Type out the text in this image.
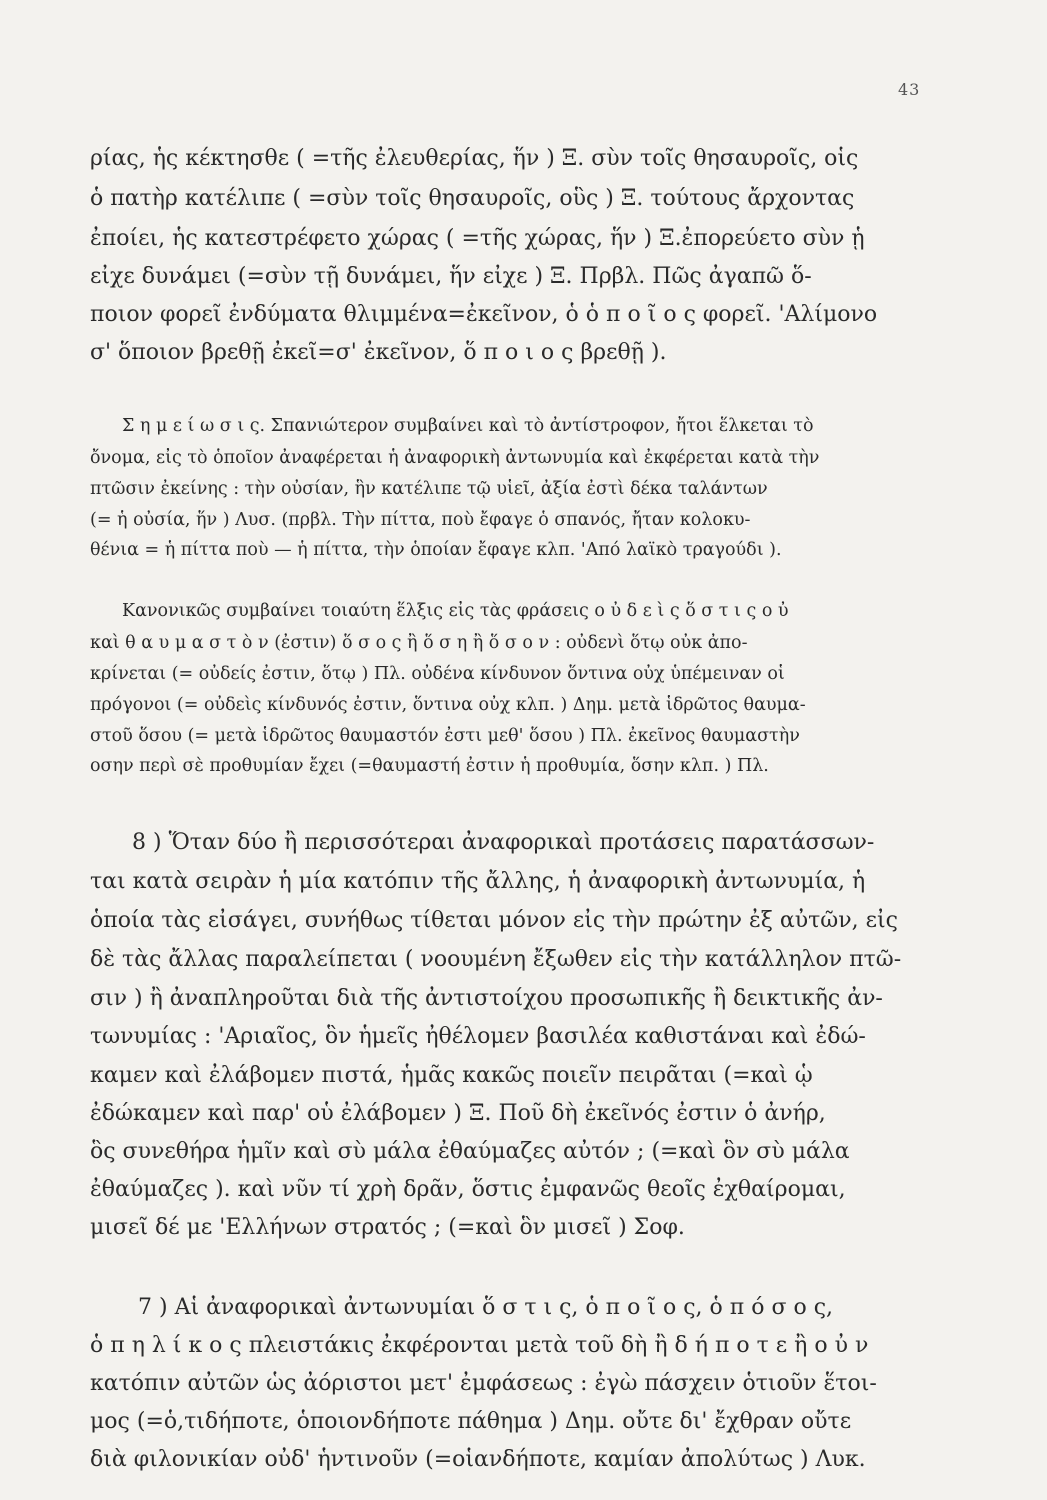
43
ρίας, ἧς κέκτησθε ( =τῆς ἐλευθερίας, ἥν ) Ξ. σὺν τοῖς θησαυροῖς, οἷς
ὁ πατὴρ κατέλιπε ( =σὺν τοῖς θησαυροῖς, οὓς ) Ξ. τούτους ἄρχοντας
ἐποίει, ἧς κατεστρέφετο χώρας ( =τῆς χώρας, ἥν ) Ξ.ἐπορεύετο σὺν ᾗ
εἶχε δυνάμει (=σὺν τῇ δυνάμει, ἥν εἶχε ) Ξ. Πρβλ. Πῶς ἀγαπῶ ὅ-
ποιον φορεῖ ἐνδύματα θλιμμένα=ἐκεῖνον, ὁ ὁ π ο ῖ ο ς φορεῖ. 'Αλίμονο
σ' ὅποιον βρεθῇ ἐκεῖ=σ' ἐκεῖνον, ὅ π ο ι ο ς βρεθῇ ).
Σ η μ ε ί ω σ ι ς. Σπανιώτερον συμβαίνει καὶ τὸ ἀντίστροφον, ἤτοι ἕλκεται τὸ
ὄνομα, εἰς τὸ ὁποῖον ἀναφέρεται ἡ ἀναφορικὴ ἀντωνυμία καὶ ἐκφέρεται κατὰ τὴν
πτῶσιν ἐκείνης : τὴν οὐσίαν, ἣν κατέλιπε τῷ υἱεῖ, ἀξία ἐστὶ δέκα ταλάντων
(= ἡ οὐσία, ἥν ) Λυσ. (πρβλ. Τὴν πίττα, ποὺ ἔφαγε ὁ σπανός, ἤταν κολοκυ-
θένια = ἡ πίττα ποὺ — ἡ πίττα, τὴν ὁποίαν ἔφαγε κλπ. 'Από λαϊκὸ τραγούδι ).
Κανονικῶς συμβαίνει τοιαύτη ἕλξις εἰς τὰς φράσεις ο ὐ δ ε ὶ ς ὅ σ τ ι ς ο ὐ
καὶ θ α υ μ α σ τ ὸ ν (ἐστιν) ὅ σ ο ς ἢ ὅ σ η ἢ ὅ σ ο ν : οὐδενὶ ὅτῳ οὐκ ἀπο-
κρίνεται (= οὐδείς ἐστιν, ὅτῳ ) Πλ. οὐδένα κίνδυνον ὅντινα οὐχ ὑπέμειναν οἱ
πρόγονοι (= οὐδεὶς κίνδυνός ἐστιν, ὅντινα οὐχ κλπ. ) Δημ. μετὰ ἱδρῶτος θαυμα-
στοῦ ὅσου (= μετὰ ἱδρῶτος θαυμαστόν ἐστι μεθ' ὅσου ) Πλ. ἐκεῖνος θαυμαστὴν
οσην περὶ σὲ προθυμίαν ἔχει (=θαυμαστή ἐστιν ἡ προθυμία, ὅσην κλπ. ) Πλ.
8 ) Ὅταν δύο ἢ περισσότεραι ἀναφορικαὶ προτάσεις παρατάσσων-
ται κατὰ σειρὰν ἡ μία κατόπιν τῆς ἄλλης, ἡ ἀναφορικὴ ἀντωνυμία, ἡ
ὁποία τὰς εἰσάγει, συνήθως τίθεται μόνον εἰς τὴν πρώτην ἐξ αὐτῶν, εἰς
δὲ τὰς ἄλλας παραλείπεται ( νοουμένη ἔξωθεν εἰς τὴν κατάλληλον πτῶ-
σιν ) ἢ ἀναπληροῦται διὰ τῆς ἀντιστοίχου προσωπικῆς ἢ δεικτικῆς ἀν-
τωνυμίας : 'Αριαῖος, ὃν ἡμεῖς ἠθέλομεν βασιλέα καθιστάναι καὶ ἐδώ-
καμεν καὶ ἐλάβομεν πιστά, ἡμᾶς κακῶς ποιεῖν πειρᾶται (=καὶ ᾧ
ἐδώκαμεν καὶ παρ' οὗ ἐλάβομεν ) Ξ. Ποῦ δὴ ἐκεῖνός ἐστιν ὁ ἀνήρ,
ὃς συνεθήρα ἡμῖν καὶ σὺ μάλα ἐθαύμαζες αὐτόν ; (=καὶ ὃν σὺ μάλα
ἐθαύμαζες ). καὶ νῦν τί χρὴ δρᾶν, ὅστις ἐμφανῶς θεοῖς ἐχθαίρομαι,
μισεῖ δέ με 'Ελλήνων στρατός ; (=καὶ ὃν μισεῖ ) Σοφ.
7 ) Αἱ ἀναφορικαὶ ἀντωνυμίαι ὅ σ τ ι ς, ὁ π ο ῖ ο ς, ὁ π ό σ ο ς,
ὁ π η λ ί κ ο ς πλειστάκις ἐκφέρονται μετὰ τοῦ δὴ ἢ δ ή π ο τ ε ἢ ο ὖ ν
κατόπιν αὐτῶν ὡς ἀόριστοι μετ' ἐμφάσεως : ἐγὼ πάσχειν ὁτιοῦν ἕτοι-
μος (=ὁ,τιδήποτε, ὁποιονδήποτε πάθημα ) Δημ. οὔτε δι' ἔχθραν οὔτε
διὰ φιλονικίαν οὐδ' ἡντινοῦν (=οἱανδήποτε, καμίαν ἀπολύτως ) Λυκ.
